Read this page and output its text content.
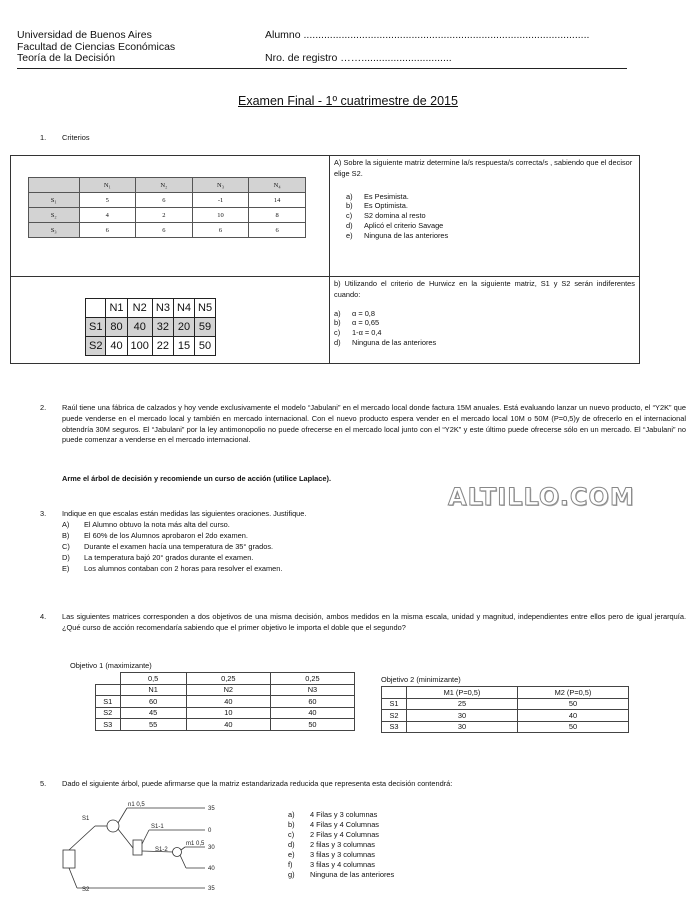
Universidad de Buenos Aires
Facultad de Ciencias Económicas
Teoría de la Decisión
Alumno ..................................................................................................
Nro. de registro ……...............................
Examen Final - 1º cuatrimestre de 2015
1. Criterios
	N₁	N₂	N₃	N₄
S₁	5	6	-1	14
S₂	4	2	10	8
S₃	6	6	6	6
A) Sobre la siguiente matriz determine la/s respuesta/s correcta/s , sabiendo que el decisor elige S2.
a)	Es Pesimista.
b)	Es Optimista.
c)	S2 domina al resto
d)	Aplicó el criterio Savage
e)	Ninguna de las anteriores
	N1	N2	N3	N4	N5
S1	80	40	32	20	59
S2	40	100	22	15	50
b) Utilizando el criterio de Hurwicz en la siguiente matriz, S1 y S2 serán indiferentes cuando:
a)	α = 0,8
b)	α = 0,65
c)	1-α = 0,4
d)	Ninguna de las anteriores
2. Raúl tiene una fábrica de calzados y hoy vende exclusivamente el modelo “Jabulani” en el mercado local donde factura 15M anuales. Está evaluando lanzar un nuevo producto, el “Y2K” que puede venderse en el mercado local y también en mercado internacional. Con el nuevo producto espera vender en el mercado local 10M o 50M (P=0,5)y de ofrecerlo en el internacional obtendría 30M seguros. El “Jabulani” por la ley antimonopolio no puede ofrecerse en el mercado local junto con el “Y2K” y este último puede ofrecerse sólo en un mercado. El “Jabulani” no puede comenzar a venderse en el mercado internacional.
Arme el árbol de decisión y recomiende un curso de acción (utilice Laplace).
ALTILLO.COM
3. Indique en que escalas están medidas las siguientes oraciones. Justifique.
A)	El Alumno obtuvo la nota más alta del curso.
B)	El 60% de los Alumnos aprobaron el 2do examen.
C)	Durante el examen hacía una temperatura de 35° grados.
D)	La temperatura bajó 20° grados durante el examen.
E)	Los alumnos contaban con 2 horas para resolver el examen.
4. Las siguientes matrices corresponden a dos objetivos de una misma decisión, ambos medidos en la misma escala, unidad y magnitud, independientes entre ellos pero de igual jerarquía. ¿Qué curso de acción recomendaría sabiendo que el primer objetivo le importa el doble que el segundo?
Objetivo 1 (maximizante)
	0,5	0,25	0,25
	N1	N2	N3
S1	60	40	60
S2	45	10	40
S3	55	40	50
Objetivo 2 (minimizante)
	M1 (P=0,5)	M2 (P=0,5)
S1	25	50
S2	30	40
S3	30	50
5. Dado el siguiente árbol, puede afirmarse que la matriz estandarizada reducida que representa esta decisión contendrá:
S1
S2
n1 0,5
S1-1
S1-2
m1 0,5
35
0
30
40
35
a)	4 Filas y 3 columnas
b)	4 Filas y 4 Columnas
c)	2 Filas y 4 Columnas
d)	2 filas y 3 columnas
e)	3 filas y 3 columnas
f)	3 filas y 4 columnas
g)	Ninguna de las anteriores
